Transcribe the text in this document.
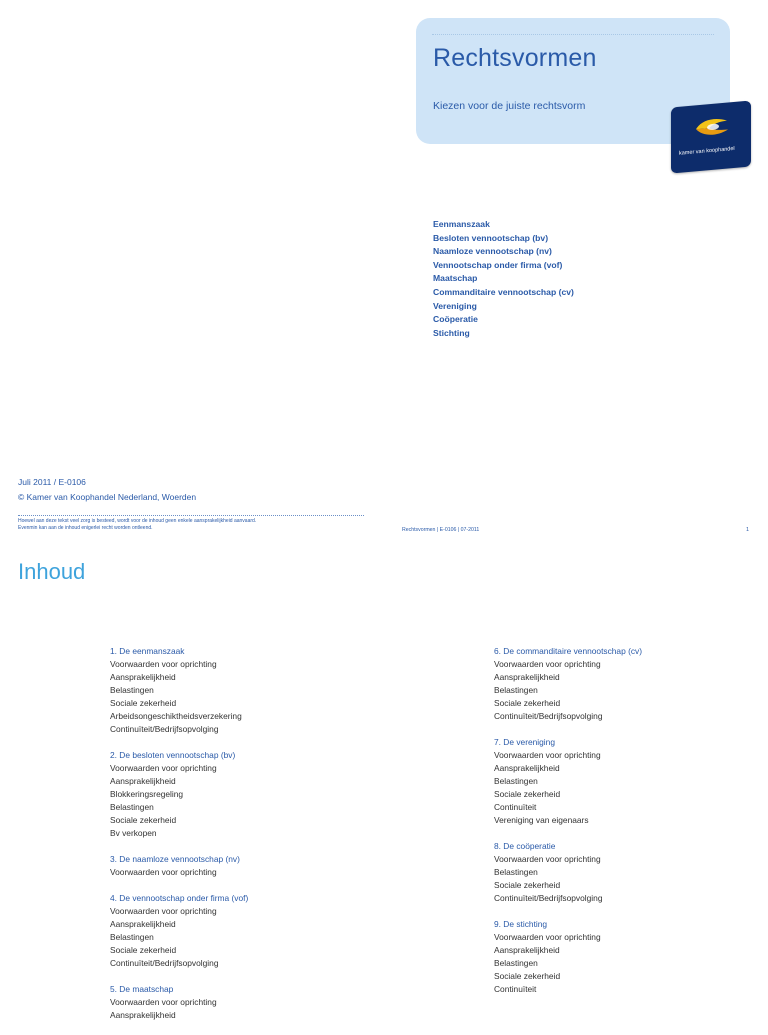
Rechtsvormen
Kiezen voor de juiste rechtsvorm
kamer van koophandel
Eenmanszaak
Besloten vennootschap (bv)
Naamloze vennootschap (nv)
Vennootschap onder firma (vof)
Maatschap
Commanditaire vennootschap (cv)
Vereniging
Coöperatie
Stichting
Juli 2011 / E-0106
© Kamer van Koophandel Nederland, Woerden
Hoewel aan deze tekst veel zorg is besteed, wordt voor de inhoud geen enkele aansprakelijkheid aanvaard.
Evenmin kan aan de inhoud enigerlei recht worden ontleend.	Rechtsvormen | E-0106 | 07-2011	1
Inhoud
1. De eenmanszaak
Voorwaarden voor oprichting
Aansprakelijkheid
Belastingen
Sociale zekerheid
Arbeidsongeschiktheidsverzekering
Continuïteit/Bedrijfsopvolging
2. De besloten vennootschap (bv)
Voorwaarden voor oprichting
Aansprakelijkheid
Blokkeringsregeling
Belastingen
Sociale zekerheid
Bv verkopen
3. De naamloze vennootschap (nv)
Voorwaarden voor oprichting
4. De vennootschap onder firma (vof)
Voorwaarden voor oprichting
Aansprakelijkheid
Belastingen
Sociale zekerheid
Continuïteit/Bedrijfsopvolging
5. De maatschap
Voorwaarden voor oprichting
Aansprakelijkheid
6. De commanditaire vennootschap (cv)
Voorwaarden voor oprichting
Aansprakelijkheid
Belastingen
Sociale zekerheid
Continuïteit/Bedrijfsopvolging
7. De vereniging
Voorwaarden voor oprichting
Aansprakelijkheid
Belastingen
Sociale zekerheid
Continuïteit
Vereniging van eigenaars
8. De coöperatie
Voorwaarden voor oprichting
Belastingen
Sociale zekerheid
Continuïteit/Bedrijfsopvolging
9. De stichting
Voorwaarden voor oprichting
Aansprakelijkheid
Belastingen
Sociale zekerheid
Continuïteit
